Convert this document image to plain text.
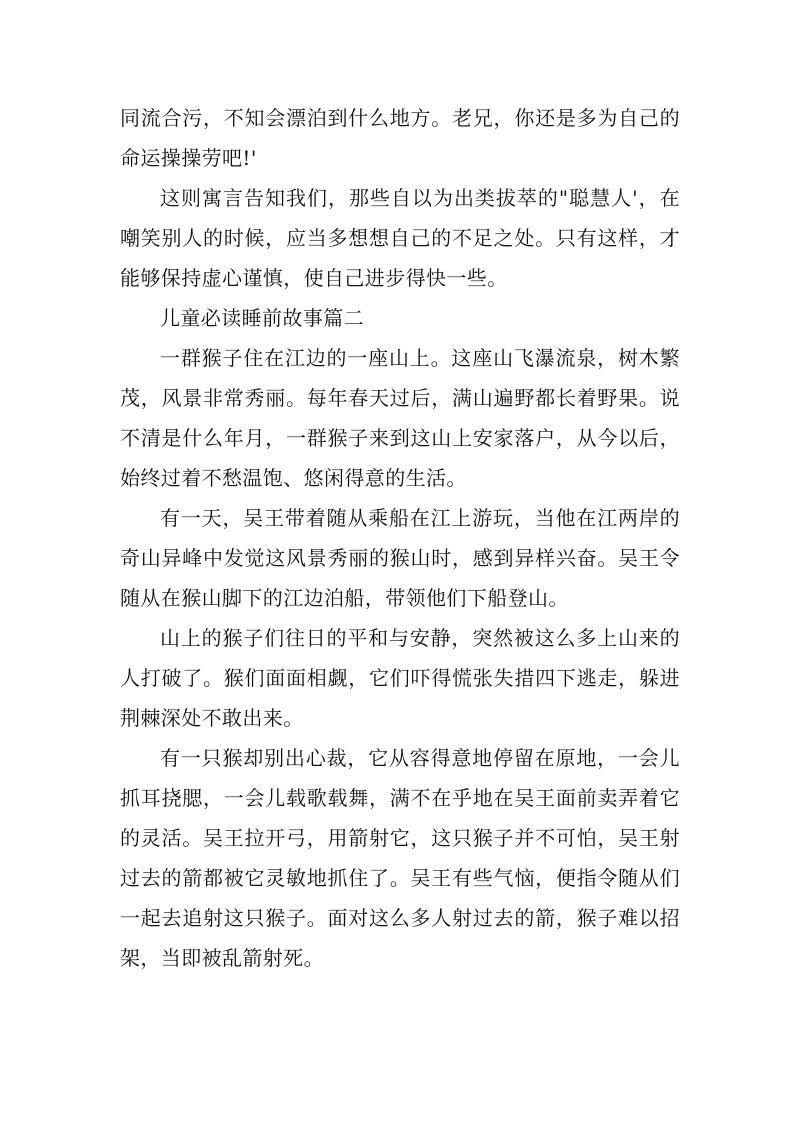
同流合污，不知会漂泊到什么地方。老兄，你还是多为自己的命运操操劳吧!'

这则寓言告知我们，那些自以为出类拔萃的"聪慧人'，在嘲笑别人的时候，应当多想想自己的不足之处。只有这样，才能够保持虚心谨慎，使自己进步得快一些。

儿童必读睡前故事篇二

一群猴子住在江边的一座山上。这座山飞瀑流泉，树木繁茂，风景非常秀丽。每年春天过后，满山遍野都长着野果。说不清是什么年月，一群猴子来到这山上安家落户，从今以后，始终过着不愁温饱、悠闲得意的生活。

有一天，吴王带着随从乘船在江上游玩，当他在江两岸的奇山异峰中发觉这风景秀丽的猴山时，感到异样兴奋。吴王令随从在猴山脚下的江边泊船，带领他们下船登山。

山上的猴子们往日的平和与安静，突然被这么多上山来的人打破了。猴们面面相觑，它们吓得慌张失措四下逃走，躲进荆棘深处不敢出来。

有一只猴却别出心裁，它从容得意地停留在原地，一会儿抓耳挠腮，一会儿载歌载舞，满不在乎地在吴王面前卖弄着它的灵活。吴王拉开弓，用箭射它，这只猴子并不可怕，吴王射过去的箭都被它灵敏地抓住了。吴王有些气恼，便指令随从们一起去追射这只猴子。面对这么多人射过去的箭，猴子难以招架，当即被乱箭射死。
